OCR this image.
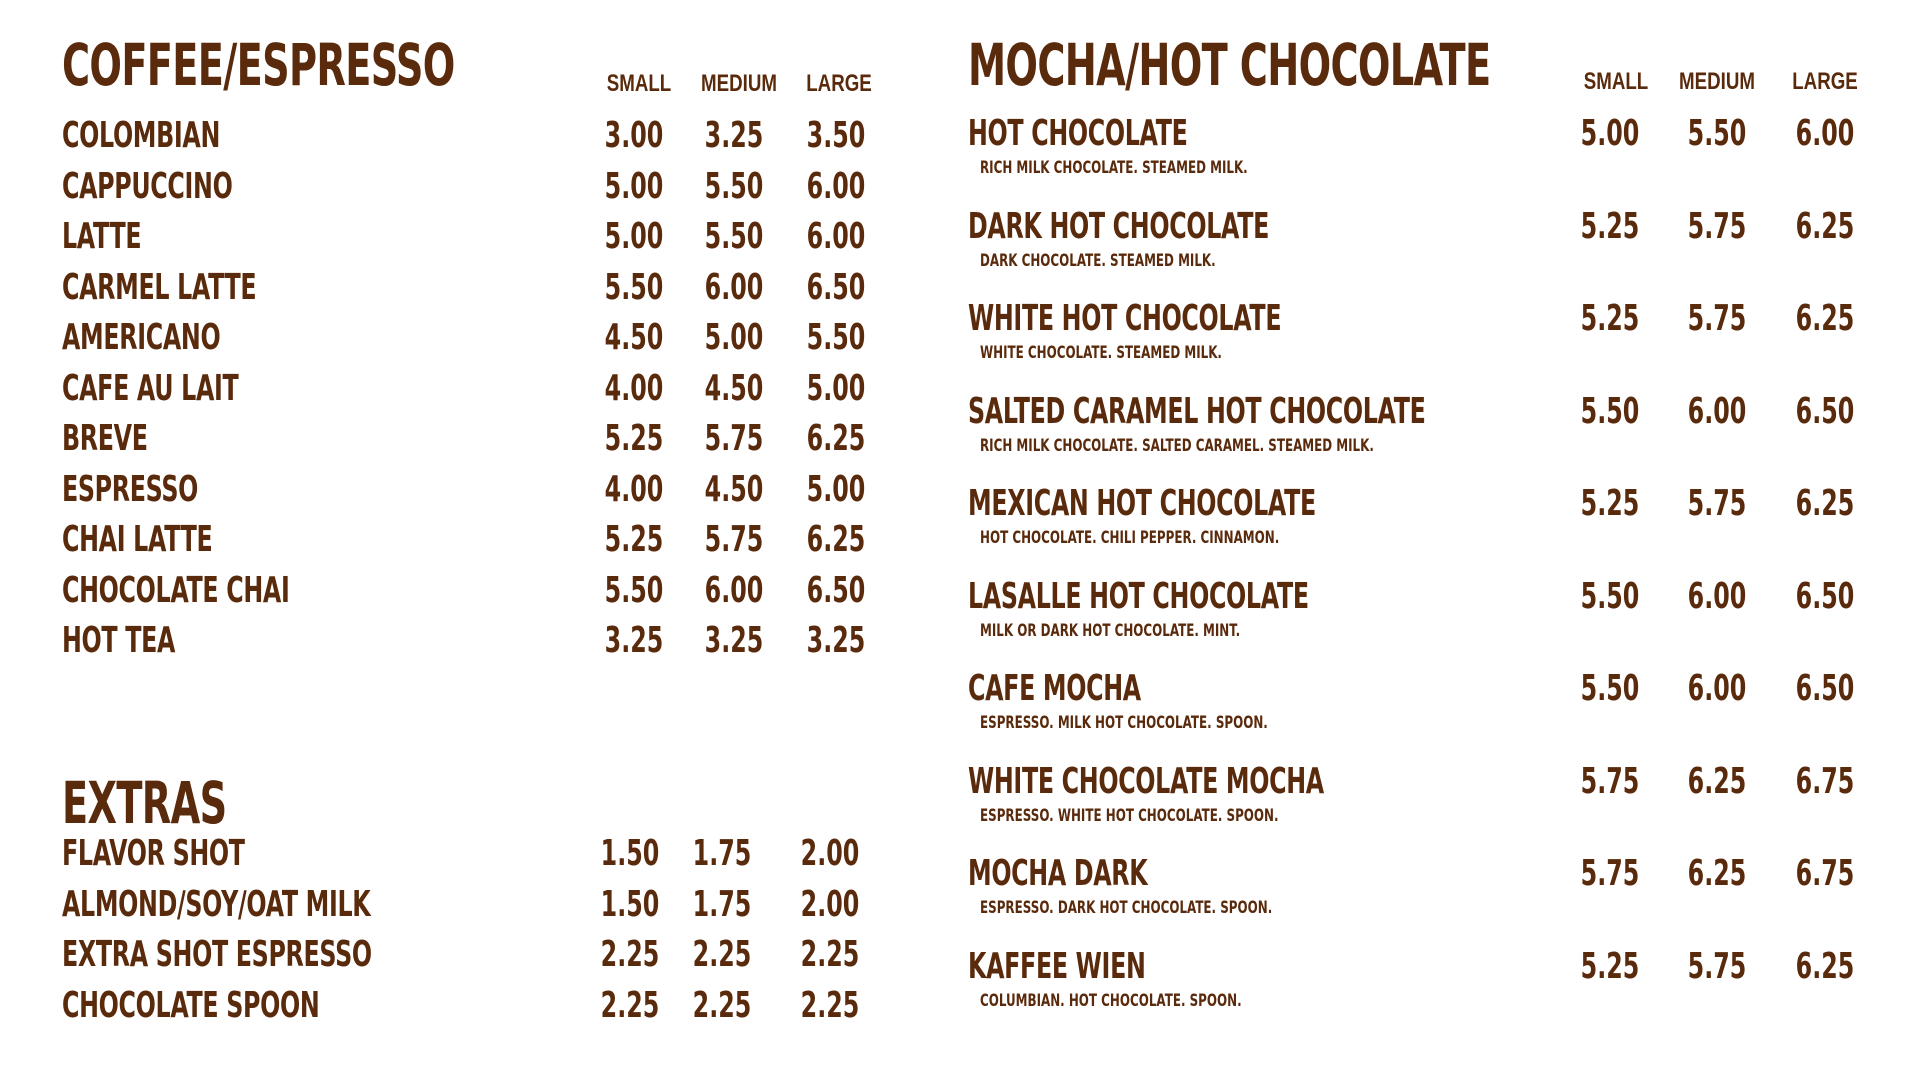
COFFEE/ESPRESSO	SMALL MEDIUM LARGE
COLOMBIAN	3.00 3.25 3.50
CAPPUCCINO	5.00 5.50 6.00
LATTE	5.00 5.50 6.00
CARMEL LATTE	5.50 6.00 6.50
AMERICANO	4.50 5.00 5.50
CAFE AU LAIT	4.00 4.50 5.00
BREVE	5.25 5.75 6.25
ESPRESSO	4.00 4.50 5.00
CHAI LATTE	5.25 5.75 6.25
CHOCOLATE CHAI	5.50 6.00 6.50
HOT TEA	3.25 3.25 3.25
EXTRAS
FLAVOR SHOT	1.50 1.75 2.00
ALMOND/SOY/OAT MILK	1.50 1.75 2.00
EXTRA SHOT ESPRESSO	2.25 2.25 2.25
CHOCOLATE SPOON	2.25 2.25 2.25
MOCHA/HOT CHOCOLATE	SMALL MEDIUM LARGE
HOT CHOCOLATE	5.00 5.50 6.00
RICH MILK CHOCOLATE. STEAMED MILK.
DARK HOT CHOCOLATE	5.25 5.75 6.25
DARK CHOCOLATE. STEAMED MILK.
WHITE HOT CHOCOLATE	5.25 5.75 6.25
WHITE CHOCOLATE. STEAMED MILK.
SALTED CARAMEL HOT CHOCOLATE	5.50 6.00 6.50
RICH MILK CHOCOLATE. SALTED CARAMEL. STEAMED MILK.
MEXICAN HOT CHOCOLATE	5.25 5.75 6.25
HOT CHOCOLATE. CHILI PEPPER. CINNAMON.
LASALLE HOT CHOCOLATE	5.50 6.00 6.50
MILK OR DARK HOT CHOCOLATE. MINT.
CAFE MOCHA	5.50 6.00 6.50
ESPRESSO. MILK HOT CHOCOLATE. SPOON.
WHITE CHOCOLATE MOCHA	5.75 6.25 6.75
ESPRESSO. WHITE HOT CHOCOLATE. SPOON.
MOCHA DARK	5.75 6.25 6.75
ESPRESSO. DARK HOT CHOCOLATE. SPOON.
KAFFEE WIEN	5.25 5.75 6.25
COLUMBIAN. HOT CHOCOLATE. SPOON.
